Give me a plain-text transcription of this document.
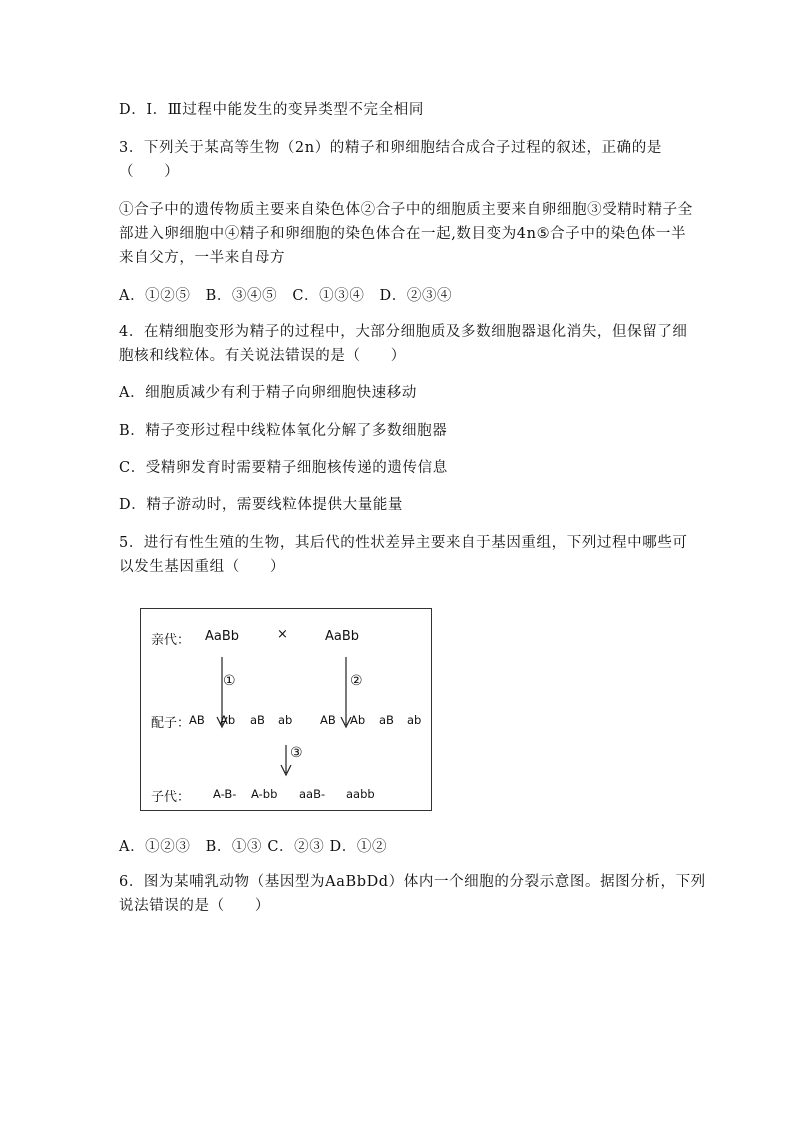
D．Ⅰ．Ⅲ过程中能发生的变异类型不完全相同
3．下列关于某高等生物（2n）的精子和卵细胞结合成合子过程的叙述，正确的是
（　　）
①合子中的遗传物质主要来自染色体②合子中的细胞质主要来自卵细胞③受精时精子全
部进入卵细胞中④精子和卵细胞的染色体合在一起,数目变为4n⑤合子中的染色体一半
来自父方，一半来自母方
A．①②⑤　B．③④⑤　C．①③④　D．②③④
4．在精细胞变形为精子的过程中，大部分细胞质及多数细胞器退化消失，但保留了细
胞核和线粒体。有关说法错误的是（　　）
A．细胞质减少有利于精子向卵细胞快速移动
B．精子变形过程中线粒体氧化分解了多数细胞器
C．受精卵发育时需要精子细胞核传递的遗传信息
D．精子游动时，需要线粒体提供大量能量
5．进行有性生殖的生物，其后代的性状差异主要来自于基因重组，下列过程中哪些可
以发生基因重组（　　）
亲代： AaBb	×	AaBb
①	②
配子：
AB Ab aB ab AB Ab aB ab
③
子代： A-B- A-bb aaB- aabb
A．①②③　B．①③ C．②③ D．①②
6．图为某哺乳动物（基因型为AaBbDd）体内一个细胞的分裂示意图。据图分析，下列
说法错误的是（　　）
